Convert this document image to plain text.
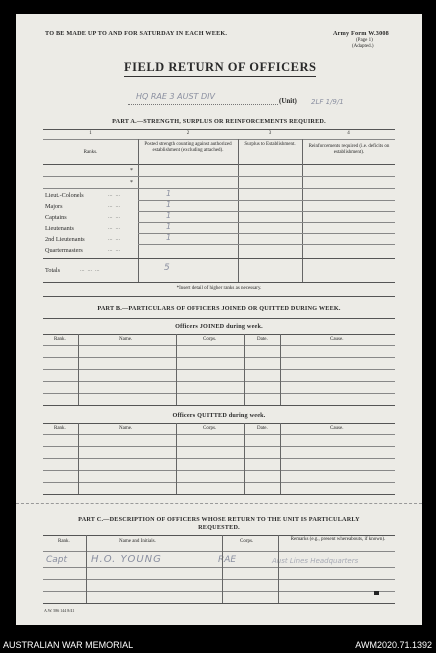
TO BE MADE UP TO AND FOR SATURDAY IN EACH WEEK.	Army Form W.3008
(Page 1)
(Adapted.)
FIELD RETURN OF OFFICERS
HQ RAE 3 AUST DIV	(Unit) 2LF 1/9/1
PART A.—STRENGTH, SURPLUS OR REINFORCEMENTS REQUIRED.
1	2	3	4
Ranks.
Posted strength counting against authorized establishment (excluding attached).
Surplus to Establishment.	Reinforcements required (i.e. deficits on establishment).
*
*
Lieut.-Colonels	...  ...	1
Majors	...  ...	1
Captains	...  ...	1
Lieutenants	...  ...	1
2nd Lieutenants	...  ...	1
Quartermasters	...  ...
Totals	...  ...  ...	5
*Insert detail of higher ranks as necessary.
PART B.—PARTICULARS OF OFFICERS JOINED OR QUITTED DURING WEEK.
Officers JOINED during week.
Rank.	Name.	Corps.	Date.	Cause.
Officers QUITTED during week.
Rank.	Name.	Corps.	Date.	Cause.
PART C.—DESCRIPTION OF OFFICERS WHOSE RETURN TO THE UNIT IS PARTICULARLY
REQUESTED.
Rank.	Name and Initials.	Corps.	Remarks (e.g., present whereabouts, if known).
Capt H.O. YOUNG	RAE	Aust Lines Headquarters
A.W. 586 144 8/41
AUSTRALIAN WAR MEMORIAL	AWM2020.71.1392
